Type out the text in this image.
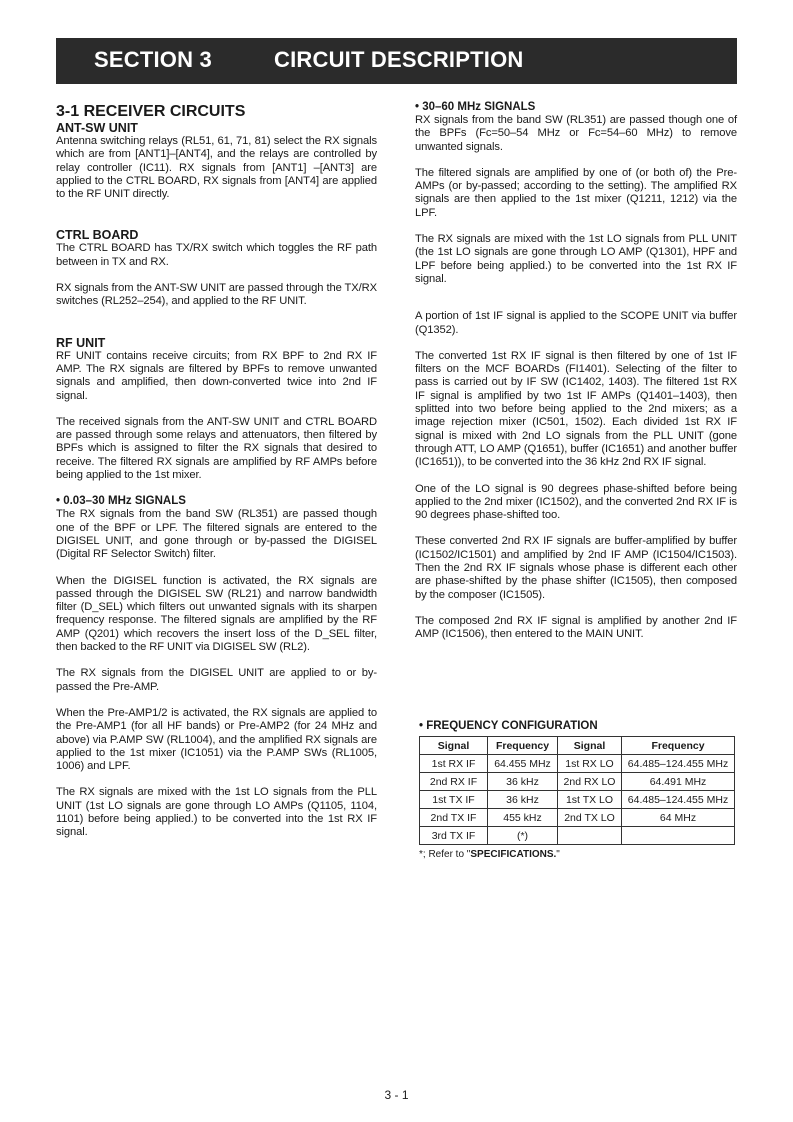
SECTION 3	CIRCUIT DESCRIPTION
3-1 RECEIVER CIRCUITS
ANT-SW UNIT

Antenna switching relays (RL51, 61, 71, 81) select the RX signals which are from [ANT1]–[ANT4], and the relays are controlled by relay controller (IC11). RX signals from [ANT1] –[ANT3] are applied to the CTRL BOARD, RX signals from [ANT4] are applied to the RF UNIT directly.

CTRL BOARD

The CTRL BOARD has TX/RX switch which toggles the RF path between in TX and RX.

RX signals from the ANT-SW UNIT are passed through the TX/RX switches (RL252–254), and applied to the RF UNIT.

RF UNIT

RF UNIT contains receive circuits; from RX BPF to 2nd RX IF AMP. The RX signals are filtered by BPFs to remove unwanted signals and amplified, then down-converted twice into 2nd IF signal.

The received signals from the ANT-SW UNIT and CTRL BOARD are passed through some relays and attenuators, then filtered by BPFs which is assigned to filter the RX signals that desired to receive. The filtered RX signals are amplified by RF AMPs before being applied to the 1st mixer.

• 0.03–30 MHz SIGNALS

The RX signals from the band SW (RL351) are passed though one of the BPF or LPF. The filtered signals are entered to the DIGISEL UNIT, and gone through or by-passed the DIGISEL (Digital RF Selector Switch) filter.

When the DIGISEL function is activated, the RX signals are passed through the DIGISEL SW (RL21) and narrow bandwidth filter (D_SEL) which filters out unwanted signals with its sharpen frequency response. The filtered signals are amplified by the RF AMP (Q201) which recovers the insert loss of the D_SEL filter, then backed to the RF UNIT via DIGISEL SW (RL2).

The RX signals from the DIGISEL UNIT are applied to or by-passed the Pre-AMP.

When the Pre-AMP1/2 is activated, the RX signals are applied to the Pre-AMP1 (for all HF bands) or Pre-AMP2 (for 24 MHz and above) via P.AMP SW (RL1004), and the amplified RX signals are applied to the 1st mixer (IC1051) via the P.AMP SWs (RL1005, 1006) and LPF.

The RX signals are mixed with the 1st LO signals from the PLL UNIT (1st LO signals are gone through LO AMPs (Q1105, 1104, 1101) before being applied.) to be converted into the 1st RX IF signal.

• 30–60 MHz SIGNALS

RX signals from the band SW (RL351) are passed though one of the BPFs (Fc=50–54 MHz or Fc=54–60 MHz) to remove unwanted signals.

The filtered signals are amplified by one of (or both of) the Pre-AMPs (or by-passed; according to the setting). The amplified RX signals are then applied to the 1st mixer (Q1211, 1212) via the LPF.

The RX signals are mixed with the 1st LO signals from PLL UNIT (the 1st LO signals are gone through LO AMP (Q1301), HPF and LPF before being applied.) to be converted into the 1st RX IF signal.

A portion of 1st IF signal is applied to the SCOPE UNIT via buffer (Q1352).

The converted 1st RX IF signal is then filtered by one of 1st IF filters on the MCF BOARDs (FI1401). Selecting of the filter to pass is carried out by IF SW (IC1402, 1403). The filtered 1st RX IF signal is amplified by two 1st IF AMPs (Q1401–1403), then splitted into two before being applied to the 2nd mixers; as a image rejection mixer (IC501, 1502). Each divided 1st RX IF signal is mixed with 2nd LO signals from the PLL UNIT (gone through ATT, LO AMP (Q1651), buffer (IC1651) and another buffer (IC1651)), to be converted into the 36 kHz 2nd RX IF signal.

One of the LO signal is 90 degrees phase-shifted before being applied to the 2nd mixer (IC1502), and the converted 2nd RX IF is 90 degrees phase-shifted too.

These converted 2nd RX IF signals are buffer-amplified by buffer (IC1502/IC1501) and amplified by 2nd IF AMP (IC1504/IC1503). Then the 2nd RX IF signals whose phase is different each other are phase-shifted by the phase shifter (IC1505), then composed by the composer (IC1505).

The composed 2nd RX IF signal is amplified by another 2nd IF AMP (IC1506), then entered to the MAIN UNIT.

• FREQUENCY CONFIGURATION
Signal	Frequency	Signal	Frequency
1st RX IF	64.455 MHz	1st RX LO	64.485–124.455 MHz
2nd RX IF	36 kHz	2nd RX LO	64.491 MHz
1st TX IF	36 kHz	1st TX LO	64.485–124.455 MHz
2nd TX IF	455 kHz	2nd TX LO	64 MHz
3rd TX IF	(*)		
*; Refer to "SPECIFICATIONS."
3 - 1
